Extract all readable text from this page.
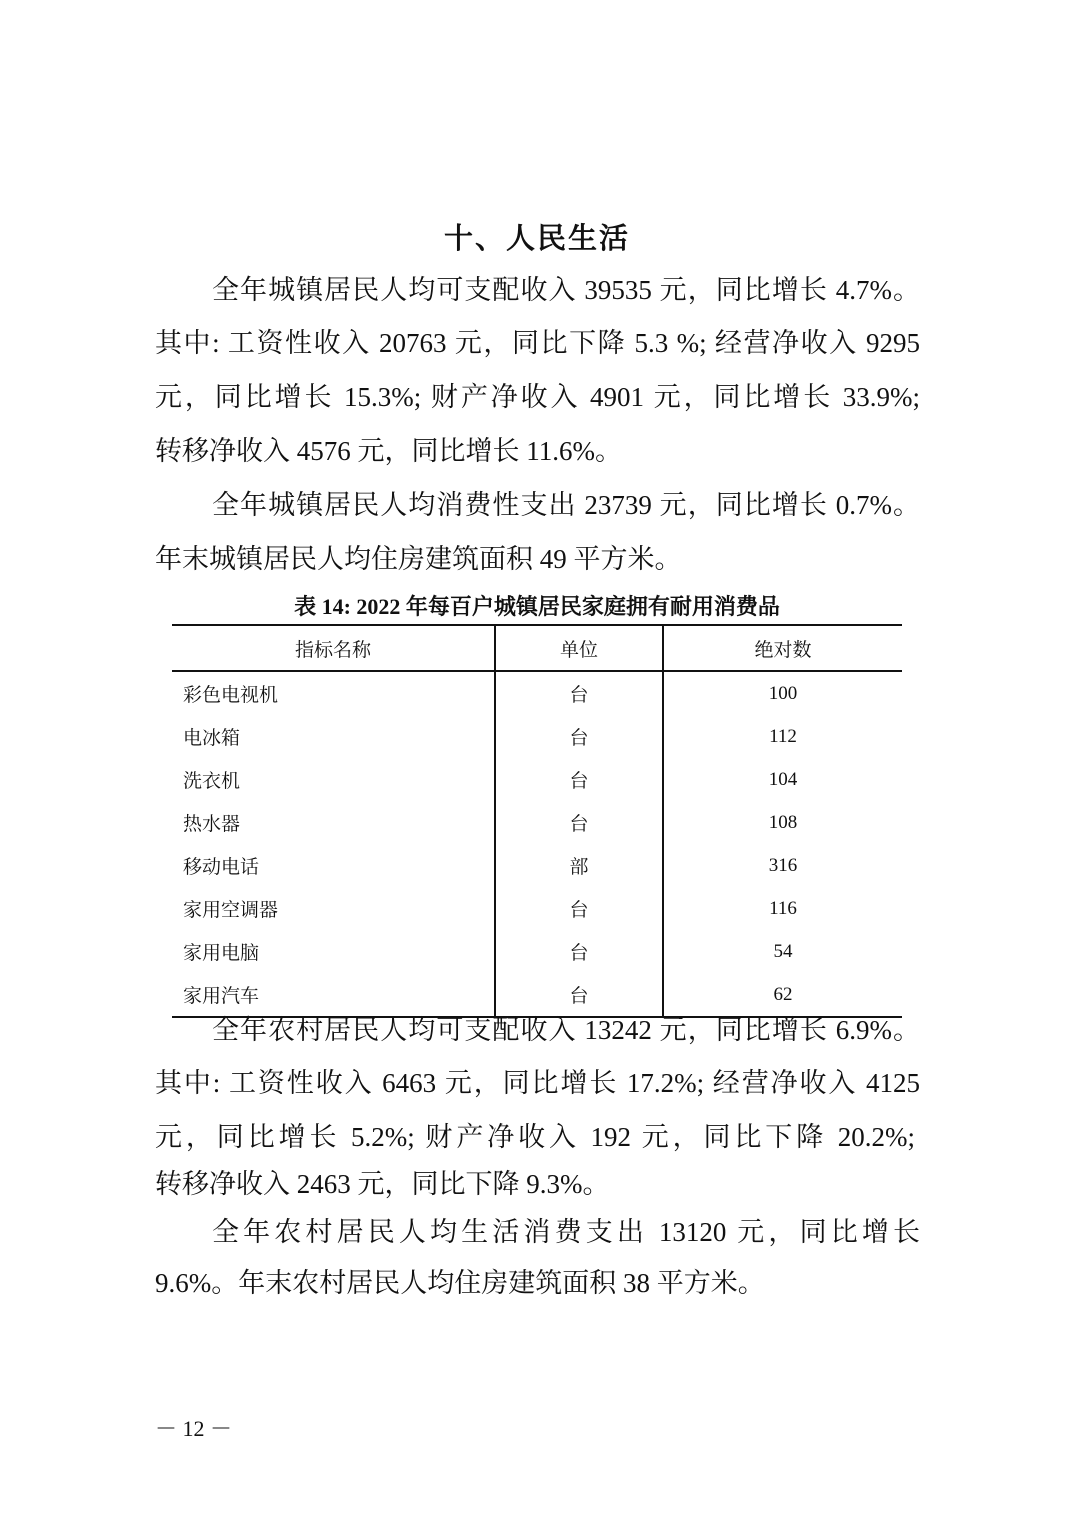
十、人民生活
全年城镇居民人均可支配收入 39535 元，同比增长 4.7%。
其中: 工资性收入 20763 元，同比下降 5.3 %; 经营净收入 9295
元，同比增长 15.3%; 财产净收入 4901 元，同比增长 33.9%;
转移净收入 4576 元，同比增长 11.6%。
全年城镇居民人均消费性支出 23739 元，同比增长 0.7%。
年末城镇居民人均住房建筑面积 49 平方米。
表 14: 2022 年每百户城镇居民家庭拥有耐用消费品
指标名称	单位	绝对数
彩色电视机	台	100
电冰箱	台	112
洗衣机	台	104
热水器	台	108
移动电话	部	316
家用空调器	台	116
家用电脑	台	54
家用汽车	台	62
全年农村居民人均可支配收入 13242 元，同比增长 6.9%。
其中: 工资性收入 6463 元，同比增长 17.2%; 经营净收入 4125
元，同比增长 5.2%; 财产净收入 192 元，同比下降 20.2%;
转移净收入 2463 元，同比下降 9.3%。
全年农村居民人均生活消费支出 13120 元，同比增长
9.6%。年末农村居民人均住房建筑面积 38 平方米。
－ 12 －
